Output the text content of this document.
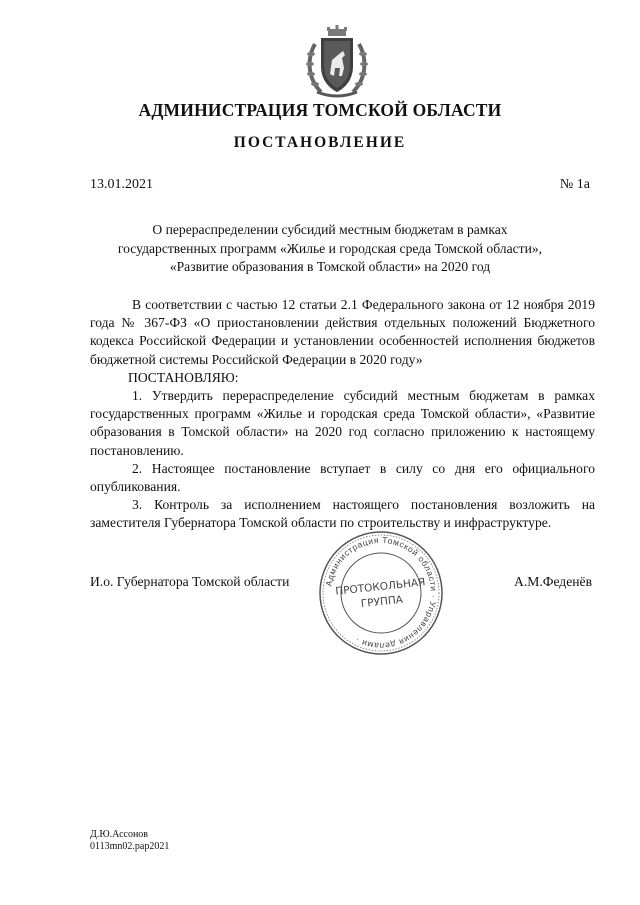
АДМИНИСТРАЦИЯ ТОМСКОЙ ОБЛАСТИ
ПОСТАНОВЛЕНИЕ
13.01.2021	№ 1а
О перераспределении субсидий местным бюджетам в рамках
государственных программ «Жилье и городская среда Томской области»,
«Развитие образования в Томской области» на 2020 год

В соответствии с частью 12 статьи 2.1 Федерального закона от 12 ноября 2019 года № 367-ФЗ «О приостановлении действия отдельных положений Бюджетного кодекса Российской Федерации и установлении особенностей исполнения бюджетов бюджетной системы Российской Федерации в 2020 году»

ПОСТАНОВЛЯЮ:

1. Утвердить перераспределение субсидий местным бюджетам в рамках государственных программ «Жилье и городская среда Томской области», «Развитие образования в Томской области» на 2020 год согласно приложению к настоящему постановлению.

2. Настоящее постановление вступает в силу со дня его официального опубликования.

3. Контроль за исполнением настоящего постановления возложить на заместителя Губернатора Томской области по строительству и инфраструктуре.

И.о. Губернатора Томской области	А.М.Феденёв
Администрация Томской области · Управления делами ·
ПРОТОКОЛЬНАЯ
ГРУППА
Д.Ю.Ассонов
0113mn02.pap2021
